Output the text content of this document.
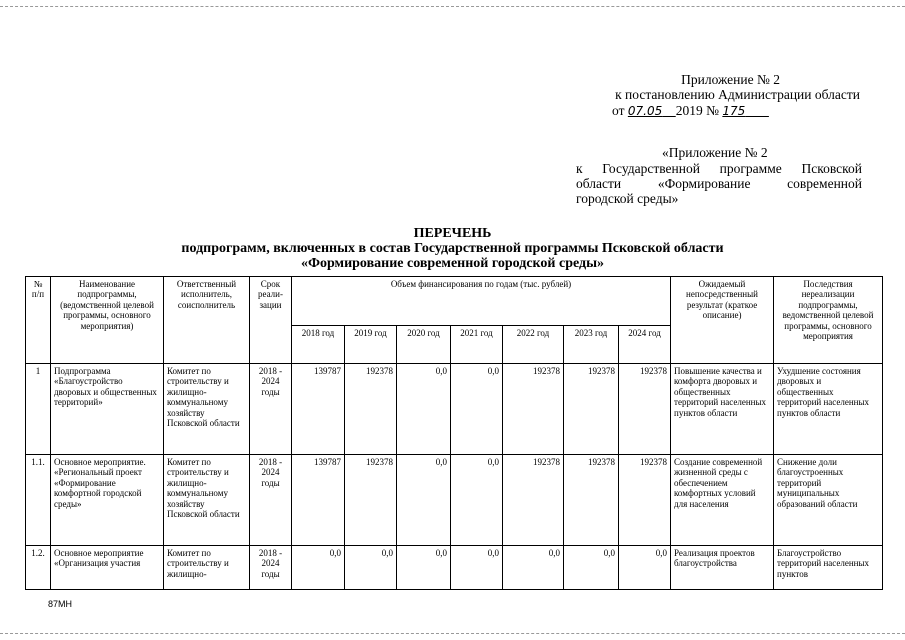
Приложение № 2
к постановлению Администрации области
от 07.05 2019 № 175
«Приложение № 2
к Государственной программе Псковской
области «Формирование современной
городской среды»
ПЕРЕЧЕНЬ
подпрограмм, включенных в состав Государственной программы Псковской области
«Формирование современной городской среды»
№ п/п	Наименование подпрограммы, (ведомственной целевой программы, основного мероприятия)	Ответственный исполнитель, соисполнитель	Срок реали-зации	Объем финансирования по годам (тыс. рублей)							Ожидаемый непосредственный результат (краткое описание)	Последствия нереализации подпрограммы, ведомственной целевой программы, основного мероприятия
				2018 год	2019 год	2020 год	2021 год	2022 год	2023 год	2024 год		
1	Подпрограмма «Благоустройство дворовых и общественных территорий»	Комитет по строительству и жилищно-коммунальному хозяйству Псковской области	2018 - 2024 годы	139787	192378	0,0	0,0	192378	192378	192378	Повышение качества и комфорта дворовых и общественных территорий населенных пунктов области	Ухудшение состояния дворовых и общественных территорий населенных пунктов области
1.1.	Основное мероприятие. «Региональный проект «Формирование комфортной городской среды»	Комитет по строительству и жилищно-коммунальному хозяйству Псковской области	2018 - 2024 годы	139787	192378	0,0	0,0	192378	192378	192378	Создание современной жизненной среды с обеспечением комфортных условий для населения	Снижение доли благоустроенных территорий муниципальных образований области
1.2.	Основное мероприятие «Организация участия	Комитет по строительству и жилищно-	2018 - 2024 годы	0,0	0,0	0,0	0,0	0,0	0,0	0,0	Реализация проектов благоустройства	Благоустройство территорий населенных пунктов
87МН
